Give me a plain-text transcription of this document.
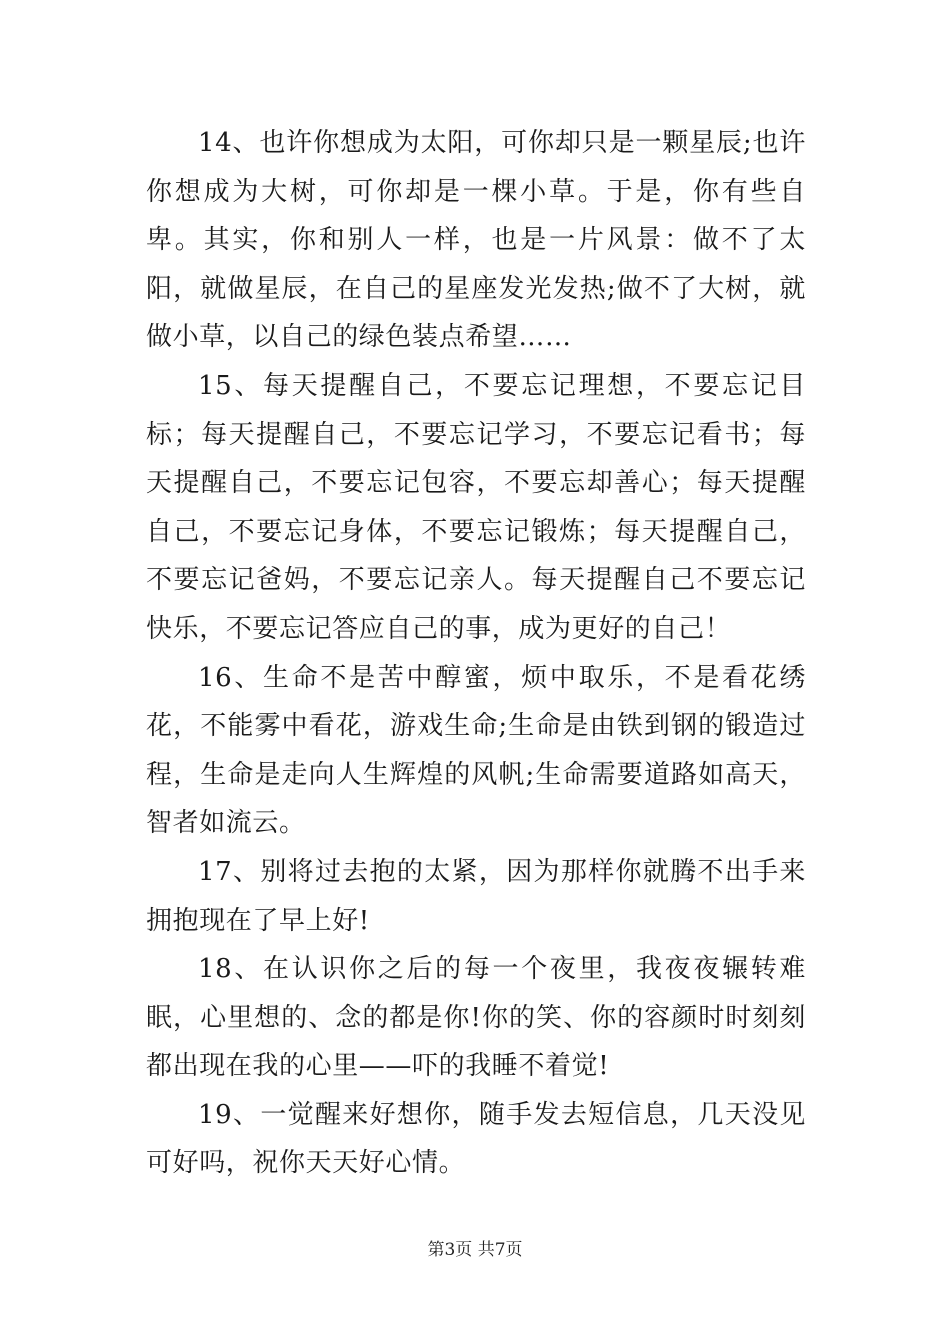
14、也许你想成为太阳，可你却只是一颗星辰;也许你想成为大树，可你却是一棵小草。于是，你有些自卑。其实，你和别人一样，也是一片风景：做不了太阳，就做星辰，在自己的星座发光发热;做不了大树，就做小草，以自己的绿色装点希望……

15、每天提醒自己，不要忘记理想，不要忘记目标；每天提醒自己，不要忘记学习，不要忘记看书；每天提醒自己，不要忘记包容，不要忘却善心；每天提醒自己，不要忘记身体，不要忘记锻炼；每天提醒自己，不要忘记爸妈，不要忘记亲人。每天提醒自己不要忘记快乐，不要忘记答应自己的事，成为更好的自己！

16、生命不是苦中醇蜜，烦中取乐，不是看花绣花，不能雾中看花，游戏生命;生命是由铁到钢的锻造过程，生命是走向人生辉煌的风帆;生命需要道路如高天，智者如流云。

17、别将过去抱的太紧，因为那样你就腾不出手来拥抱现在了早上好!

18、在认识你之后的每一个夜里，我夜夜辗转难眠，心里想的、念的都是你!你的笑、你的容颜时时刻刻都出现在我的心里——吓的我睡不着觉!

19、一觉醒来好想你，随手发去短信息，几天没见可好吗，祝你天天好心情。

第3页 共7页
